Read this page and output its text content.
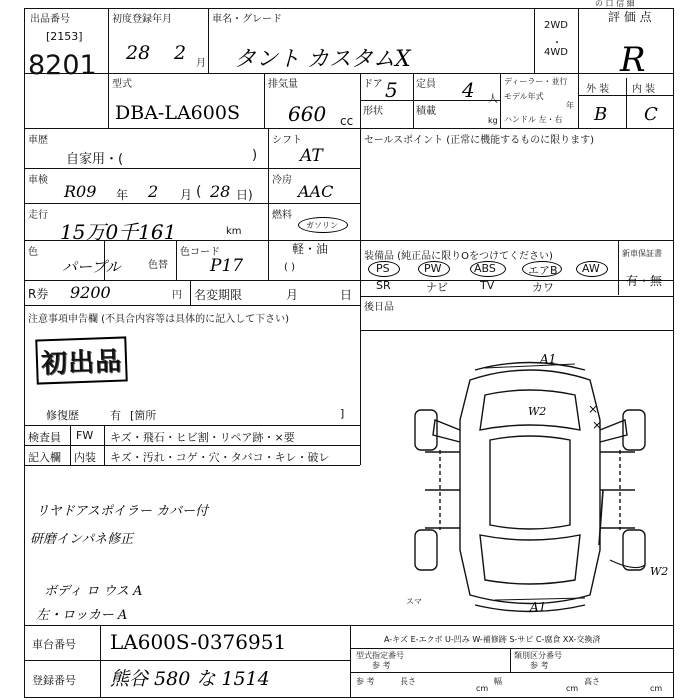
の 口 信 細
出品番号
[2153]
8201
初度登録年月
28 2 月
車名・グレード
タント カスタムX
2WD
・
4WD
評 価 点
R
型式
DBA-LA600S
排気量
660 cc
ドア 5 定員 4 人
形状	積載
kg
ディーラー・並行
モデル年式
年
ハンドル 左・右
外 装 内 装
B C
車歴
自家用・(	)
車検
R09 年 2 月 ( 28 日)
走行
15万0千161	km
色
パープル	色替
色コード
P17
シフト
AT
冷房
AAC
燃料
ガソリン
軽・油
( )
セールスポイント (正常に機能するものに限ります)
R券 9200	円 名変期限	月	日
装備品 (純正品に限りOをつけてください)	新車保証書
有・無
PS	PW	ABS	エアB AW
SR	ナビ	TV	カワ
後日品
注意事項申告欄 (不具合内容等は具体的に記入して下さい)
初出品
修復歴	有 [箇所	]
検査員 FW キズ・飛石・ヒビ割・リペア跡・×要
記入欄 内装 キズ・汚れ・コゲ・穴・タバコ・キレ・破レ
リヤドアスポイラー カバー付
研磨インパネ修正
ボディ ロ ウス A
左・ロッカー A
A1
W2	×
×
W2
A1
スマ
車台番号 LA600S-0376951
登録番号 熊谷 580 な 1514
A-キズ E-エクボ U-凹み W-補修跡 S-サビ C-腐食 XX-交換済
型式指定番号
参 考
類別区分番号
参 考
参 考	長さ
cm
幅
cm
高さ
cm
